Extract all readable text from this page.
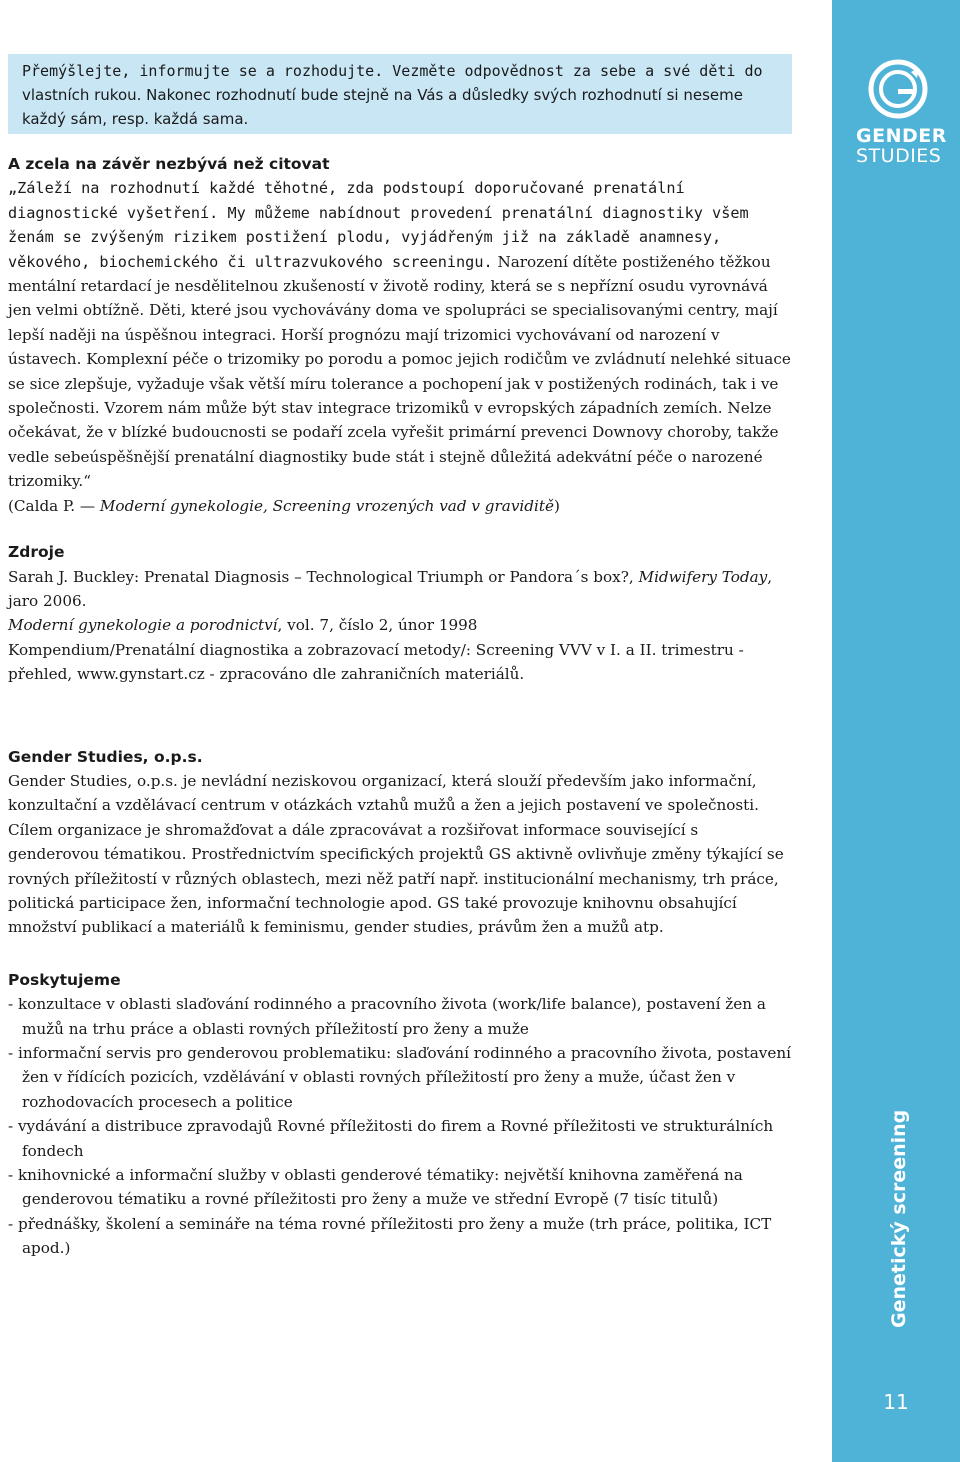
GENDER
STUDIES
Genetický screening
11
Přemýšlejte, informujte se a rozhodujte. Vezměte odpovědnost za sebe a své děti do vlastních rukou. Nakonec rozhodnutí bude stejně na Vás a důsledky svých rozhodnutí si neseme každý sám, resp. každá sama.

A zcela na závěr nezbývá než citovat

„Záleží na rozhodnutí každé těhotné, zda podstoupí doporučované prenatální diagnostické vyšetření. My můžeme nabídnout provedení prenatální diagnostiky všem ženám se zvýšeným rizikem postižení plodu, vyjádřeným již na základě anamnesy, věkového, biochemického či ultrazvukového screeningu. Narození dítěte postiženého těžkou mentální retardací je nesdělitelnou zkušeností v životě rodiny, která se s nepřízní osudu vyrovnává jen velmi obtížně. Děti, které jsou vychovávány doma ve spolupráci se specialisovanými centry, mají lepší naději na úspěšnou integraci. Horší prognózu mají trizomici vychovávaní od narození v ústavech. Komplexní péče o trizomiky po porodu a pomoc jejich rodičům ve zvládnutí nelehké situace se sice zlepšuje, vyžaduje však větší míru tolerance a pochopení jak v postižených rodinách, tak i ve společnosti. Vzorem nám může být stav integrace trizomiků v evropských západních zemích. Nelze očekávat, že v blízké budoucnosti se podaří zcela vyřešit primární prevenci Downovy choroby, takže vedle sebeúspěšnější prenatální diagnostiky bude stát i stejně důležitá adekvátní péče o narozené trizomiky.“

(Calda P. — Moderní gynekologie, Screening vrozených vad v graviditě)

Zdroje

Sarah J. Buckley: Prenatal Diagnosis – Technological Triumph or Pandora´s box?, Midwifery Today, jaro 2006.

Moderní gynekologie a porodnictví, vol. 7, číslo 2, únor 1998

Kompendium/Prenatální diagnostika a zobrazovací metody/: Screening VVV v I. a II. trimestru - přehled, www.gynstart.cz - zpracováno dle zahraničních materiálů.

Gender Studies, o.p.s.

Gender Studies, o.p.s. je nevládní neziskovou organizací, která slouží především jako informační, konzultační a vzdělávací centrum v otázkách vztahů mužů a žen a jejich postavení ve společnosti. Cílem organizace je shromažďovat a dále zpracovávat a rozšiřovat informace související s genderovou tématikou. Prostřednictvím specifických projektů GS aktivně ovlivňuje změny týkající se rovných příležitostí v různých oblastech, mezi něž patří např. institucionální mechanismy, trh práce, politická participace žen, informační technologie apod. GS také provozuje knihovnu obsahující množství publikací a materiálů k feminismu, gender studies, právům žen a mužů atp.

Poskytujeme

- konzultace v oblasti slaďování rodinného a pracovního života (work/life balance), postavení žen a mužů na trhu práce a oblasti rovných příležitostí pro ženy a muže
- informační servis pro genderovou problematiku: slaďování rodinného a pracovního života, postavení žen v řídících pozicích, vzdělávání v oblasti rovných příležitostí pro ženy a muže, účast žen v rozhodovacích procesech a politice
- vydávání a distribuce zpravodajů Rovné příležitosti do firem a Rovné příležitosti ve strukturálních fondech
- knihovnické a informační služby v oblasti genderové tématiky: největší knihovna zaměřená na genderovou tématiku a rovné příležitosti pro ženy a muže ve střední Evropě (7 tisíc titulů)
- přednášky, školení a semináře na téma rovné příležitosti pro ženy a muže (trh práce, politika, ICT apod.)
